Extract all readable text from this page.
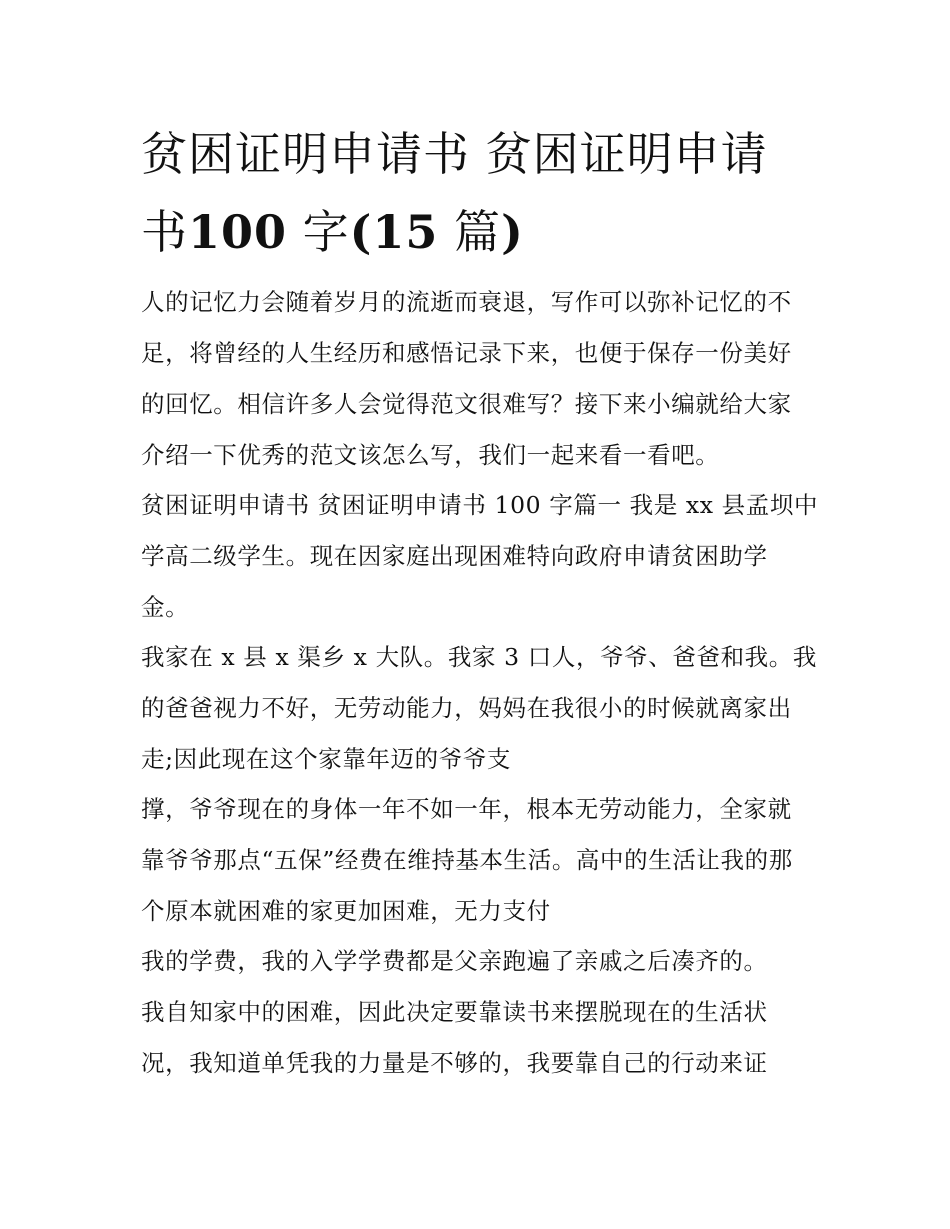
贫困证明申请书 贫困证明申请
书100 字(15 篇)
人的记忆力会随着岁月的流逝而衰退，写作可以弥补记忆的不
足，将曾经的人生经历和感悟记录下来，也便于保存一份美好
的回忆。相信许多人会觉得范文很难写？接下来小编就给大家
介绍一下优秀的范文该怎么写，我们一起来看一看吧。
贫困证明申请书 贫困证明申请书 100 字篇一 我是 xx 县孟坝中
学高二级学生。现在因家庭出现困难特向政府申请贫困助学
金。
我家在 x 县 x 渠乡 x 大队。我家 3 口人，爷爷、爸爸和我。我
的爸爸视力不好，无劳动能力，妈妈在我很小的时候就离家出
走;因此现在这个家靠年迈的爷爷支
撑，爷爷现在的身体一年不如一年，根本无劳动能力，全家就
靠爷爷那点“五保”经费在维持基本生活。高中的生活让我的那
个原本就困难的家更加困难，无力支付
我的学费，我的入学学费都是父亲跑遍了亲戚之后凑齐的。
我自知家中的困难，因此决定要靠读书来摆脱现在的生活状
况，我知道单凭我的力量是不够的，我要靠自己的行动来证
